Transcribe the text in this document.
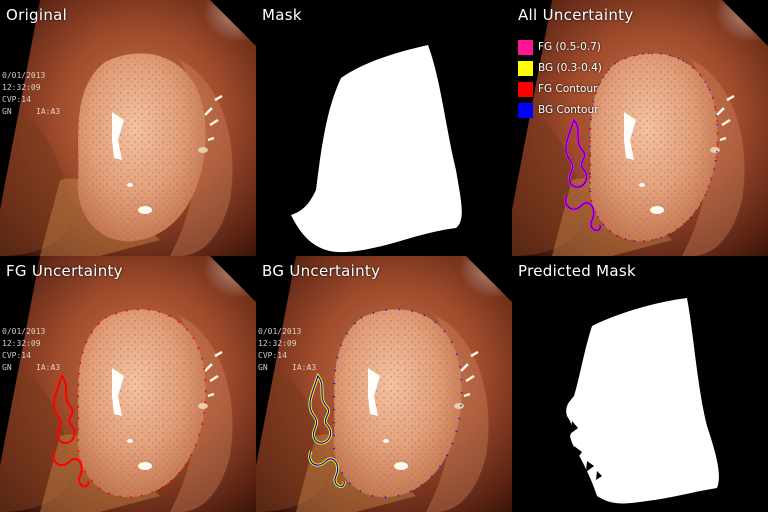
0/01/2013
12:32:09
CVP:14
GN	IA:A3
Original	Mask	All Uncertainty
FG (0.5-0.7)
BG (0.3-0.4)
FG Contour
BG Contour
0/01/2013
12:32:09
CVP:14
GN	IA:A3
FG Uncertainty
0/01/2013
12:32:09
CVP:14
GN	IA:A3
BG Uncertainty	Predicted Mask
